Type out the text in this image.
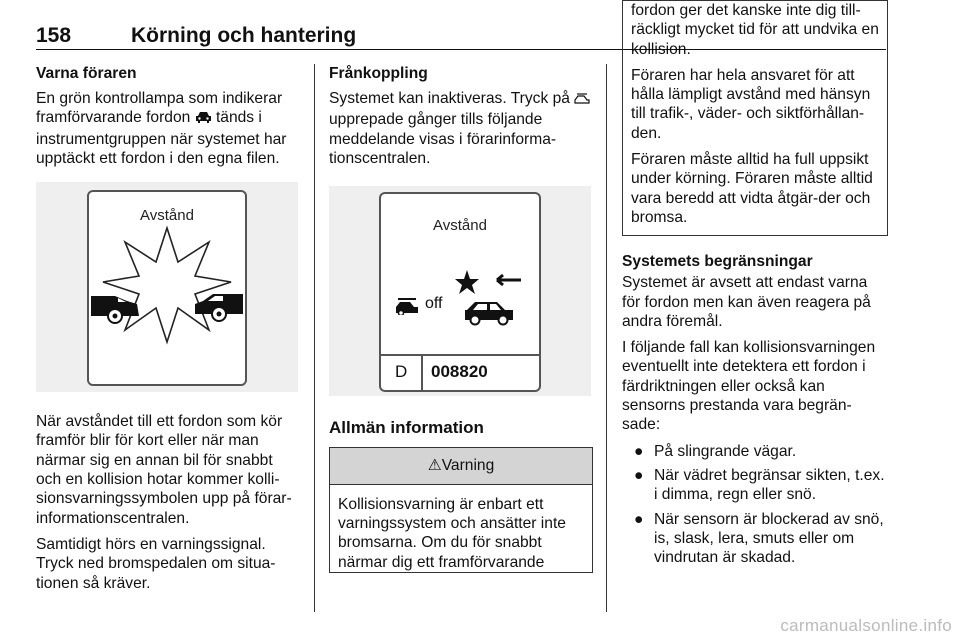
158	Körning och hantering
Varna föraren

En grön kontrollampa som indikerar framförvarande fordon  tänds i instrumentgruppen när systemet har upptäckt ett fordon i den egna filen.

Avstånd

När avståndet till ett fordon som kör framför blir för kort eller när man närmar sig en annan bil för snabbt och en kollision hotar kommer kolli-sionsvarningssymbolen upp på förar-informationscentralen.

Samtidigt hörs en varningssignal. Tryck ned bromspedalen om situa-tionen så kräver.

Frånkoppling

Systemet kan inaktiveras. Tryck på  upprepade gånger tills följande meddelande visas i förarinforma-tionscentralen.

Avstånd
off
D 008820
Allmän information
⚠Varning
Kollisionsvarning är enbart ett varningssystem och ansätter inte bromsarna. Om du för snabbt närmar dig ett framförvarande

fordon ger det kanske inte dig till-räckligt mycket tid för att undvika en kollision.

Föraren har hela ansvaret för att hålla lämpligt avstånd med hänsyn till trafik-, väder- och siktförhållan-den.

Föraren måste alltid ha full uppsikt under körning. Föraren måste alltid vara beredd att vidta åtgär-der och bromsa.

Systemets begränsningar

Systemet är avsett att endast varna för fordon men kan även reagera på andra föremål.

I följande fall kan kollisionsvarningen eventuellt inte detektera ett fordon i färdriktningen eller också kan sensorns prestanda vara begrän-sade:

● På slingrande vägar.
● När vädret begränsar sikten, t.ex. i dimma, regn eller snö.
● När sensorn är blockerad av snö, is, slask, lera, smuts eller om vindrutan är skadad.
carmanualsonline.info
